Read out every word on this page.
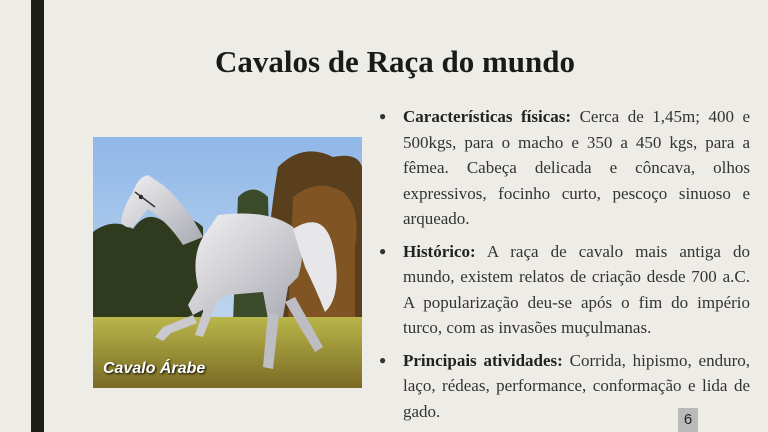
Cavalos de Raça do mundo
Cavalo Árabe
● Características físicas: Cerca de 1,45m; 400 e 500kgs, para o macho e 350 a 450 kgs, para a fêmea. Cabeça delicada e côncava, olhos expressivos, focinho curto, pescoço sinuoso e arqueado.
● Histórico: A raça de cavalo mais antiga do mundo, existem relatos de criação desde 700 a.C. A popularização deu-se após o fim do império turco, com as invasões muçulmanas.
● Principais atividades: Corrida, hipismo, enduro, laço, rédeas, performance, conformação e lida de gado.	6
